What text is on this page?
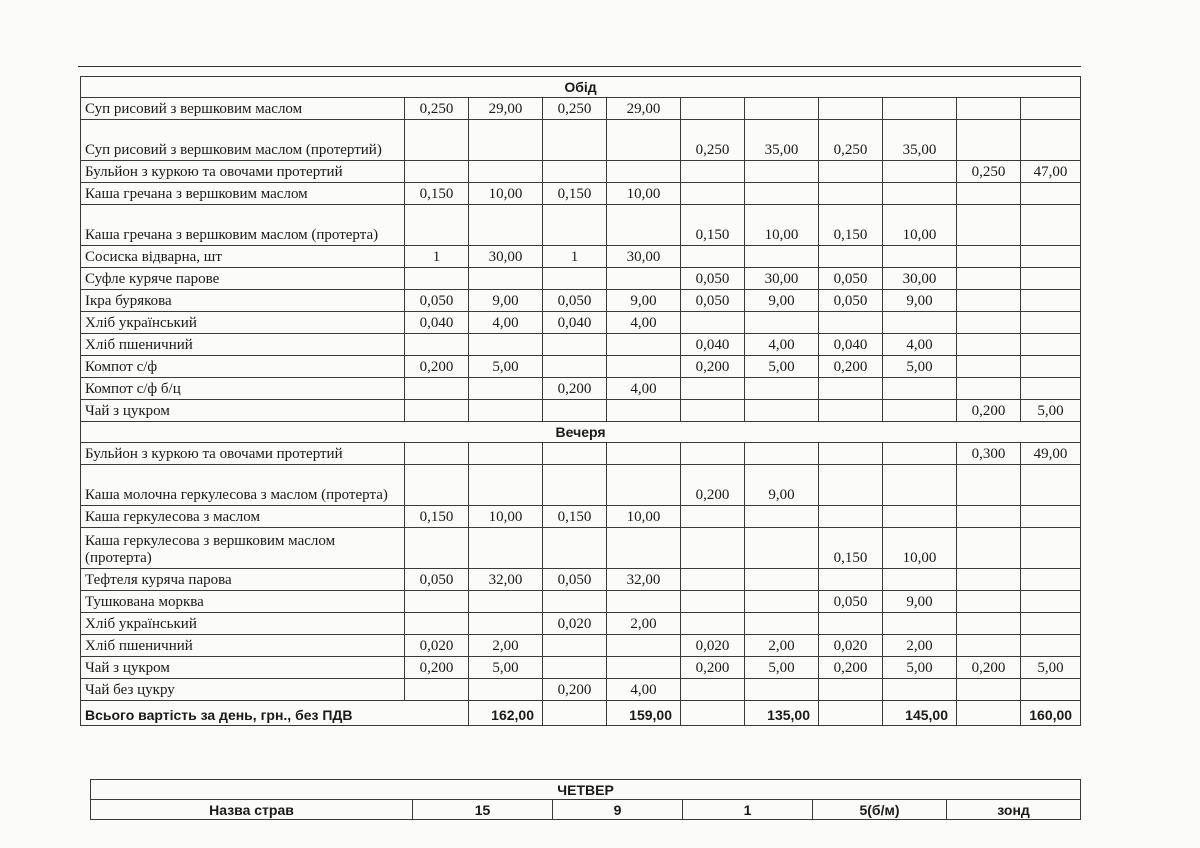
Обід										
Суп рисовий з вершковим маслом	0,250	29,00	0,250	29,00						
Суп рисовий з вершковим маслом (протертий)					0,250	35,00	0,250	35,00		
Бульйон з куркою та овочами протертий									0,250	47,00
Каша гречана з вершковим маслом	0,150	10,00	0,150	10,00						
Каша гречана з вершковим маслом (протерта)					0,150	10,00	0,150	10,00		
Сосиска відварна, шт	1	30,00	1	30,00						
Суфле куряче парове					0,050	30,00	0,050	30,00		
Ікра бурякова	0,050	9,00	0,050	9,00	0,050	9,00	0,050	9,00		
Хліб український	0,040	4,00	0,040	4,00						
Хліб пшеничний					0,040	4,00	0,040	4,00		
Компот с/ф	0,200	5,00			0,200	5,00	0,200	5,00		
Компот с/ф б/ц			0,200	4,00						
Чай з цукром									0,200	5,00
Вечеря										
Бульйон з куркою та овочами протертий									0,300	49,00
Каша молочна геркулесова з маслом (протерта)					0,200	9,00				
Каша геркулесова з маслом	0,150	10,00	0,150	10,00						
Каша геркулесова з вершковим маслом (протерта)							0,150	10,00		
Тефтеля куряча парова	0,050	32,00	0,050	32,00						
Тушкована морква							0,050	9,00		
Хліб український			0,020	2,00						
Хліб пшеничний	0,020	2,00			0,020	2,00	0,020	2,00		
Чай з цукром	0,200	5,00			0,200	5,00	0,200	5,00	0,200	5,00
Чай без цукру			0,200	4,00						
Всього вартість за день, грн., без ПДВ		162,00		159,00		135,00		145,00		160,00
ЧЕТВЕР
Назва страв	15	9	1	5(б/м)	зонд
